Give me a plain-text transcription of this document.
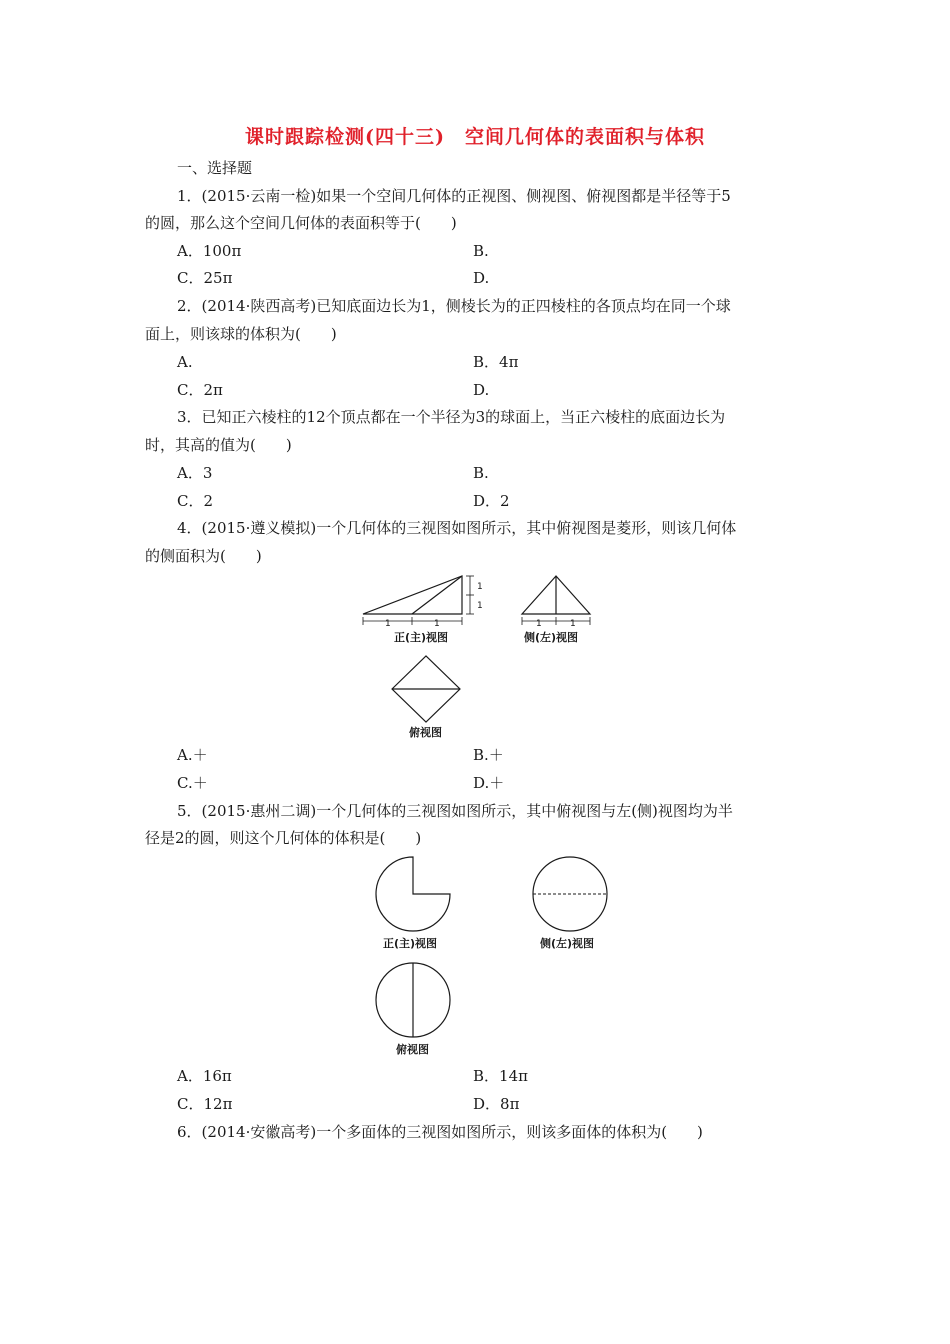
课时跟踪检测(四十三)　空间几何体的表面积与体积
一、选择题
1．(2015·云南一检)如果一个空间几何体的正视图、侧视图、俯视图都是半径等于5
的圆，那么这个空间几何体的表面积等于(　　)
A．100π	B.
C．25π	D.
2．(2014·陕西高考)已知底面边长为1，侧棱长为的正四棱柱的各顶点均在同一个球
面上，则该球的体积为(　　)
A.	B．4π
C．2π	D.
3．已知正六棱柱的12个顶点都在一个半径为3的球面上，当正六棱柱的底面边长为
时，其高的值为(　　)
A．3	B.
C．2	D．2
4．(2015·遵义模拟)一个几何体的三视图如图所示，其中俯视图是菱形，则该几何体
的侧面积为(　　)
1
1
1	1	1	1
正(主)视图	侧(左)视图
俯视图
A.＋	B.＋
C.＋	D.＋
5．(2015·惠州二调)一个几何体的三视图如图所示，其中俯视图与左(侧)视图均为半
径是2的圆，则这个几何体的体积是(　　)
正(主)视图	侧(左)视图
俯视图
A．16π	B．14π
C．12π	D．8π
6．(2014·安徽高考)一个多面体的三视图如图所示，则该多面体的体积为(　　)
